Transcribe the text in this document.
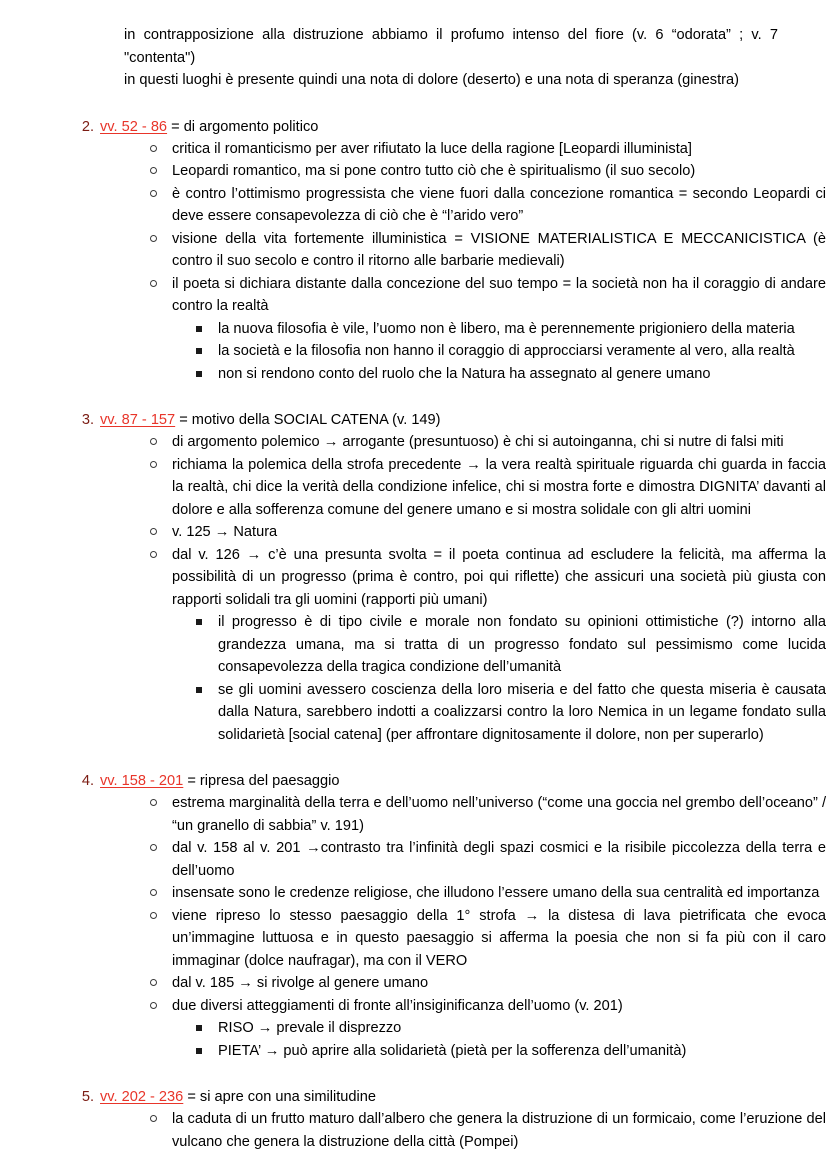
in contrapposizione alla distruzione abbiamo il profumo intenso del fiore (v. 6 “odorata” ; v. 7 "contenta")

in questi luoghi è presente quindi una nota di dolore (deserto) e una nota di speranza (ginestra)

2. vv. 52 - 86 = di argomento politico
critica il romanticismo per aver rifiutato la luce della ragione [Leopardi illuminista]
Leopardi romantico, ma si pone contro tutto ciò che è spiritualismo (il suo secolo)
è contro l’ottimismo progressista che viene fuori dalla concezione romantica = secondo Leopardi ci deve essere consapevolezza di ciò che è “l’arido vero”
visione della vita fortemente illuministica = VISIONE MATERIALISTICA E MECCANICISTICA (è contro il suo secolo e contro il ritorno alle barbarie medievali)
il poeta si dichiara distante dalla concezione del suo tempo = la società non ha il coraggio di andare contro la realtà
la nuova filosofia è vile, l’uomo non è libero, ma è perennemente prigioniero della materia
la società e la filosofia non hanno il coraggio di approcciarsi veramente al vero, alla realtà
non si rendono conto del ruolo che la Natura ha assegnato al genere umano
3. vv. 87 - 157 = motivo della SOCIAL CATENA (v. 149)
di argomento polemico → arrogante (presuntuoso) è chi si autoinganna, chi si nutre di falsi miti
richiama la polemica della strofa precedente → la vera realtà spirituale riguarda chi guarda in faccia la realtà, chi dice la verità della condizione infelice, chi si mostra forte e dimostra DIGNITA’ davanti al dolore e alla sofferenza comune del genere umano e si mostra solidale con gli altri uomini
v. 125 → Natura
dal v. 126 → c’è una presunta svolta = il poeta continua ad escludere la felicità, ma afferma la possibilità di un progresso (prima è contro, poi qui riflette) che assicuri una società più giusta con rapporti solidali tra gli uomini (rapporti più umani)
il progresso è di tipo civile e morale non fondato su opinioni ottimistiche (?) intorno alla grandezza umana, ma si tratta di un progresso fondato sul pessimismo come lucida consapevolezza della tragica condizione dell’umanità
se gli uomini avessero coscienza della loro miseria e del fatto che questa miseria è causata dalla Natura, sarebbero indotti a coalizzarsi contro la loro Nemica in un legame fondato sulla solidarietà [social catena] (per affrontare dignitosamente il dolore, non per superarlo)
4. vv. 158 - 201 = ripresa del paesaggio
estrema marginalità della terra e dell’uomo nell’universo (“come una goccia nel grembo dell’oceano” / “un granello di sabbia” v. 191)
dal v. 158 al v. 201 →contrasto tra l’infinità degli spazi cosmici e la risibile piccolezza della terra e dell’uomo
insensate sono le credenze religiose, che illudono l’essere umano della sua centralità ed importanza
viene ripreso lo stesso paesaggio della 1° strofa → la distesa di lava pietrificata che evoca un’immagine luttuosa e in questo paesaggio si afferma la poesia che non si fa più con il caro immaginar (dolce naufragar), ma con il VERO
dal v. 185 → si rivolge al genere umano
due diversi atteggiamenti di fronte all’insiginificanza dell’uomo (v. 201)
RISO → prevale il disprezzo
PIETA’ → può aprire alla solidarietà (pietà per la sofferenza dell’umanità)
5. vv. 202 - 236 = si apre con una similitudine
la caduta di un frutto maturo dall’albero che genera la distruzione di un formicaio, come l’eruzione del vulcano che genera la distruzione della città (Pompei)
